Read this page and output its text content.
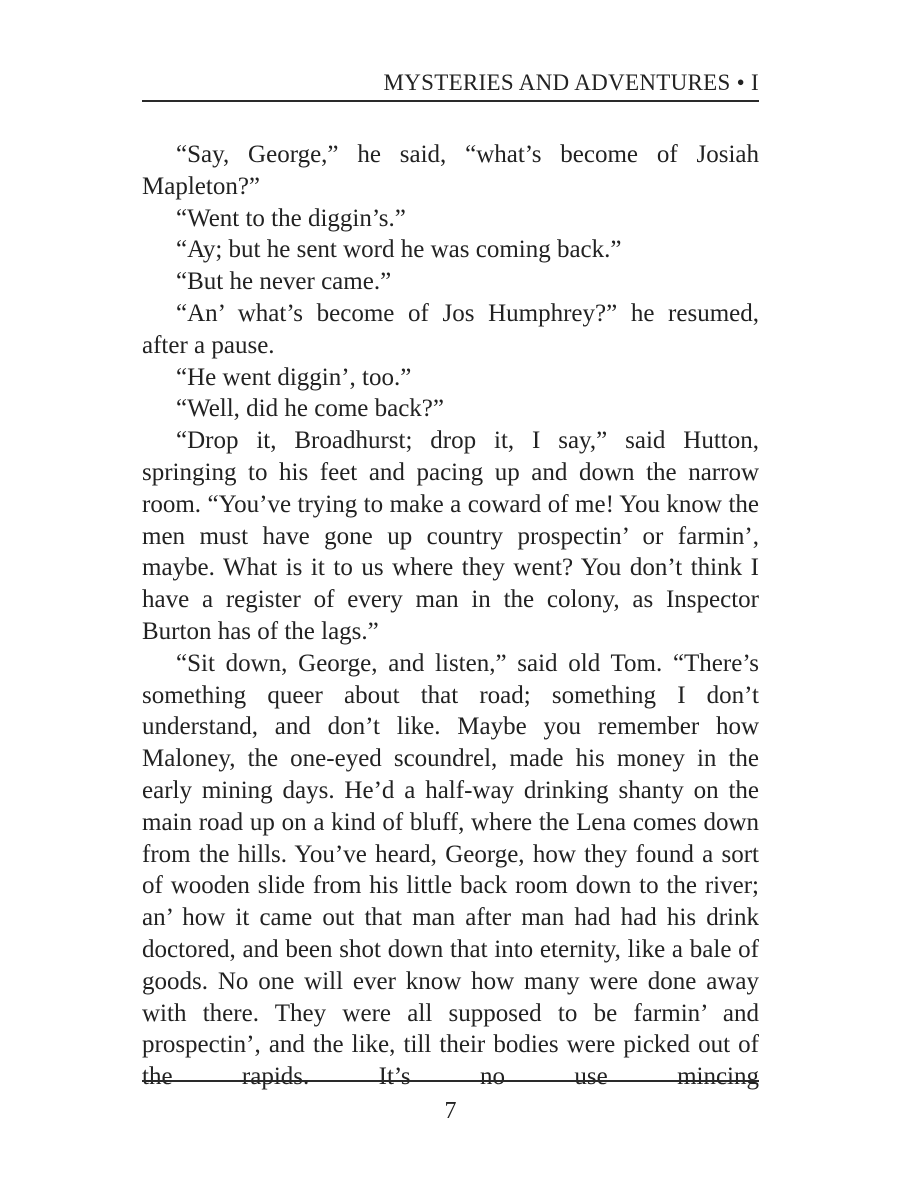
MYSTERIES AND ADVENTURES • I

“Say, George,” he said, “what’s become of Josiah Mapleton?”

“Went to the diggin’s.”

“Ay; but he sent word he was coming back.”

“But he never came.”

“An’ what’s become of Jos Humphrey?” he resumed, after a pause.

“He went diggin’, too.”

“Well, did he come back?”

“Drop it, Broadhurst; drop it, I say,” said Hutton, springing to his feet and pacing up and down the narrow room. “You’ve trying to make a coward of me! You know the men must have gone up country prospectin’ or farmin’, maybe. What is it to us where they went? You don’t think I have a register of every man in the colony, as Inspector Burton has of the lags.”

“Sit down, George, and listen,” said old Tom. “There’s something queer about that road; something I don’t understand, and don’t like. Maybe you remember how Maloney, the one-eyed scoundrel, made his money in the early mining days. He’d a half-way drinking shanty on the main road up on a kind of bluff, where the Lena comes down from the hills. You’ve heard, George, how they found a sort of wooden slide from his little back room down to the river; an’ how it came out that man after man had had his drink doctored, and been shot down that into eternity, like a bale of goods. No one will ever know how many were done away with there. They were all supposed to be farmin’ and prospectin’, and the like, till their bodies were picked out of the rapids. It’s no use mincing

7
